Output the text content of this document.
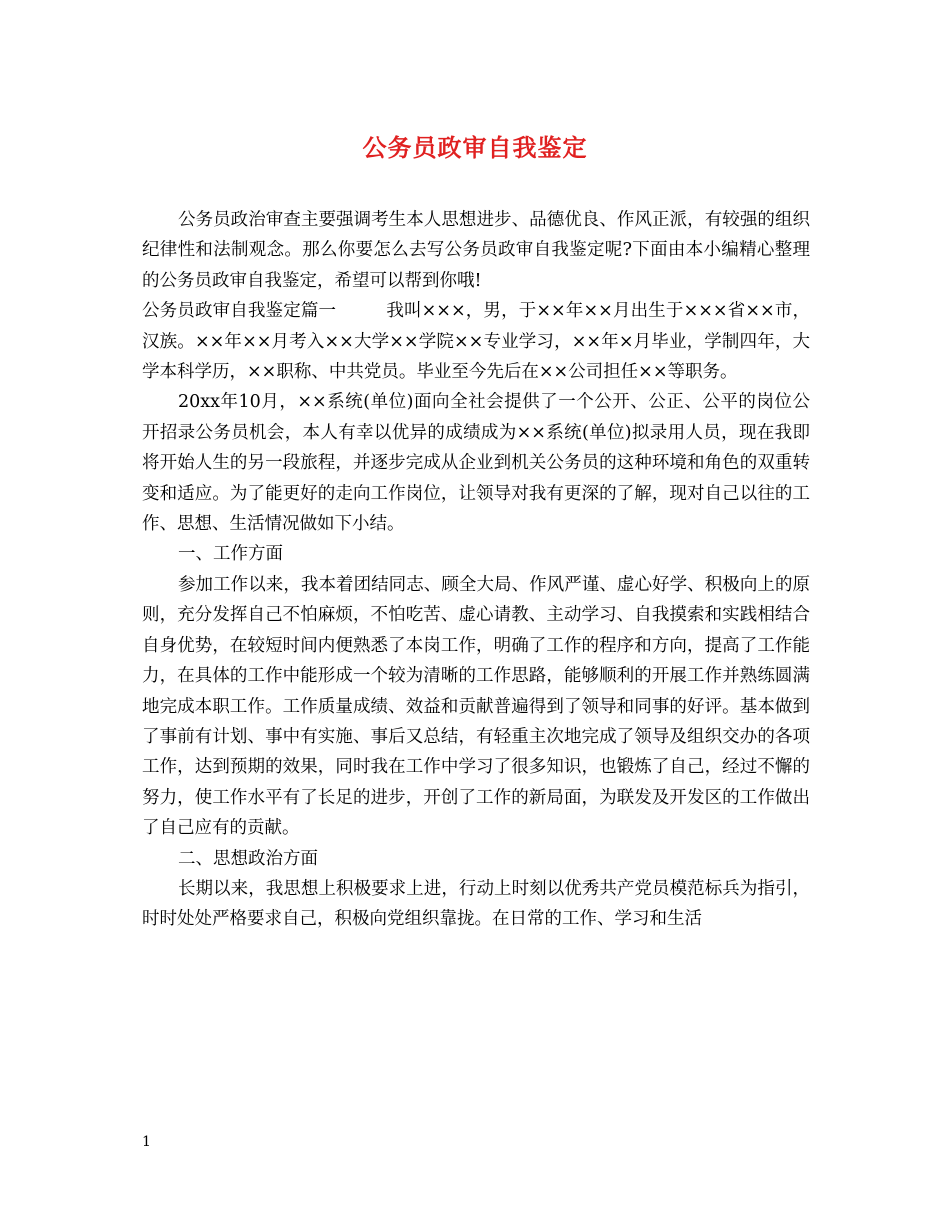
公务员政审自我鉴定

公务员政治审查主要强调考生本人思想进步、品德优良、作风正派，有较强的组织纪律性和法制观念。那么你要怎么去写公务员政审自我鉴定呢?下面由本小编精心整理的公务员政审自我鉴定，希望可以帮到你哦!

公务员政审自我鉴定篇一	我叫×××，男，于××年××月出生于×××省××市，汉族。××年××月考入××大学××学院××专业学习，××年×月毕业，学制四年，大学本科学历，××职称、中共党员。毕业至今先后在××公司担任××等职务。

20xx年10月，××系统(单位)面向全社会提供了一个公开、公正、公平的岗位公开招录公务员机会，本人有幸以优异的成绩成为××系统(单位)拟录用人员，现在我即将开始人生的另一段旅程，并逐步完成从企业到机关公务员的这种环境和角色的双重转变和适应。为了能更好的走向工作岗位，让领导对我有更深的了解，现对自己以往的工作、思想、生活情况做如下小结。

一、工作方面

参加工作以来，我本着团结同志、顾全大局、作风严谨、虚心好学、积极向上的原则，充分发挥自己不怕麻烦，不怕吃苦、虚心请教、主动学习、自我摸索和实践相结合自身优势，在较短时间内便熟悉了本岗工作，明确了工作的程序和方向，提高了工作能力，在具体的工作中能形成一个较为清晰的工作思路，能够顺利的开展工作并熟练圆满地完成本职工作。工作质量成绩、效益和贡献普遍得到了领导和同事的好评。基本做到了事前有计划、事中有实施、事后又总结，有轻重主次地完成了领导及组织交办的各项工作，达到预期的效果，同时我在工作中学习了很多知识，也锻炼了自己，经过不懈的努力，使工作水平有了长足的进步，开创了工作的新局面，为联发及开发区的工作做出了自己应有的贡献。

二、思想政治方面

长期以来，我思想上积极要求上进，行动上时刻以优秀共产党员模范标兵为指引，时时处处严格要求自己，积极向党组织靠拢。在日常的工作、学习和生活

1
